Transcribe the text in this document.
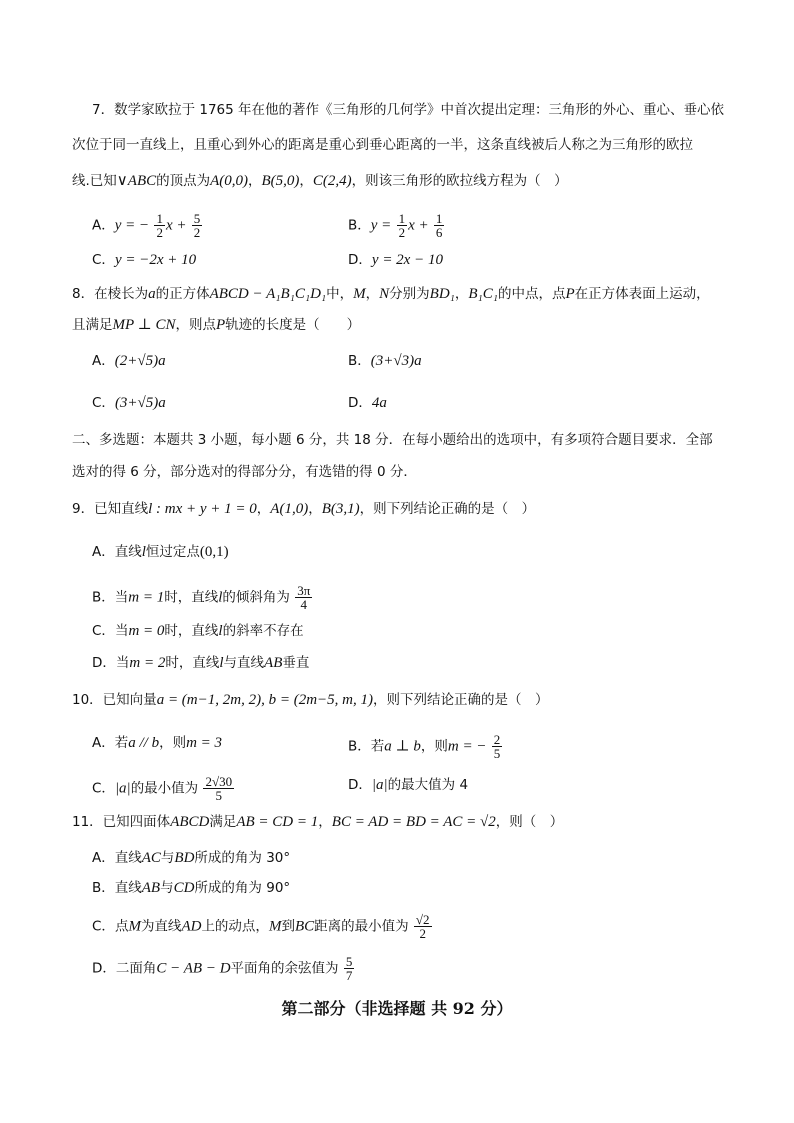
7．数学家欧拉于 1765 年在他的著作《三角形的几何学》中首次提出定理：三角形的外心、重心、垂心依
次位于同一直线上，且重心到外心的距离是重心到垂心距离的一半，这条直线被后人称之为三角形的欧拉
线.已知∨ABC的顶点为A(0,0)，B(5,0)，C(2,4)，则该三角形的欧拉线方程为（　）
A．y = − $\frac{1}{2}$ $x + \frac{5}{2}$	B．$y = \frac{1}{2}$ $x + \frac{1}{6}$
C．y = −2x + 10	D．y = 2x − 10
8．在棱长为a的正方体ABCD − A₁B₁C₁D₁中，M，N分别为BD₁，B₁C₁的中点，点P在正方体表面上运动，
且满足MP ⊥ CN，则点P轨迹的长度是（　　）
A．(2+√5)a	B．(3+√3)a
C．(3+√5)a	D．4a
二、多选题：本题共 3 小题，每小题 6 分，共 18 分．在每小题给出的选项中，有多项符合题目要求．全部
选对的得 6 分，部分选对的得部分分，有选错的得 0 分．
9．已知直线l : mx + y + 1 = 0，A(1,0)，B(3,1)，则下列结论正确的是（　）
A．直线l恒过定点(0,1)
B．当m = 1时，直线l的倾斜角为 $\frac{3\pi}{4}$
C．当m = 0时，直线l的斜率不存在
D．当m = 2时，直线l与直线AB垂直
10．已知向量a = (m−1, 2m, 2), b = (2m−5, m, 1)，则下列结论正确的是（　）
A．若a // b，则m = 3	B．若a ⊥ b，则m = − $\frac{2}{5}$
C．|a|的最小值为 $\frac{2√30}{5}$	D．|a|的最大值为 4
11．已知四面体ABCD满足AB = CD = 1，BC = AD = BD = AC = √2，则（　）
A．直线AC与BD所成的角为 30°
B．直线AB与CD所成的角为 90°
C．点M为直线AD上的动点，M到BC距离的最小值为 $\frac{√2}{2}$
D．二面角C − AB − D平面角的余弦值为 $\frac{5}{7}$
第二部分（非选择题 共 92 分）
